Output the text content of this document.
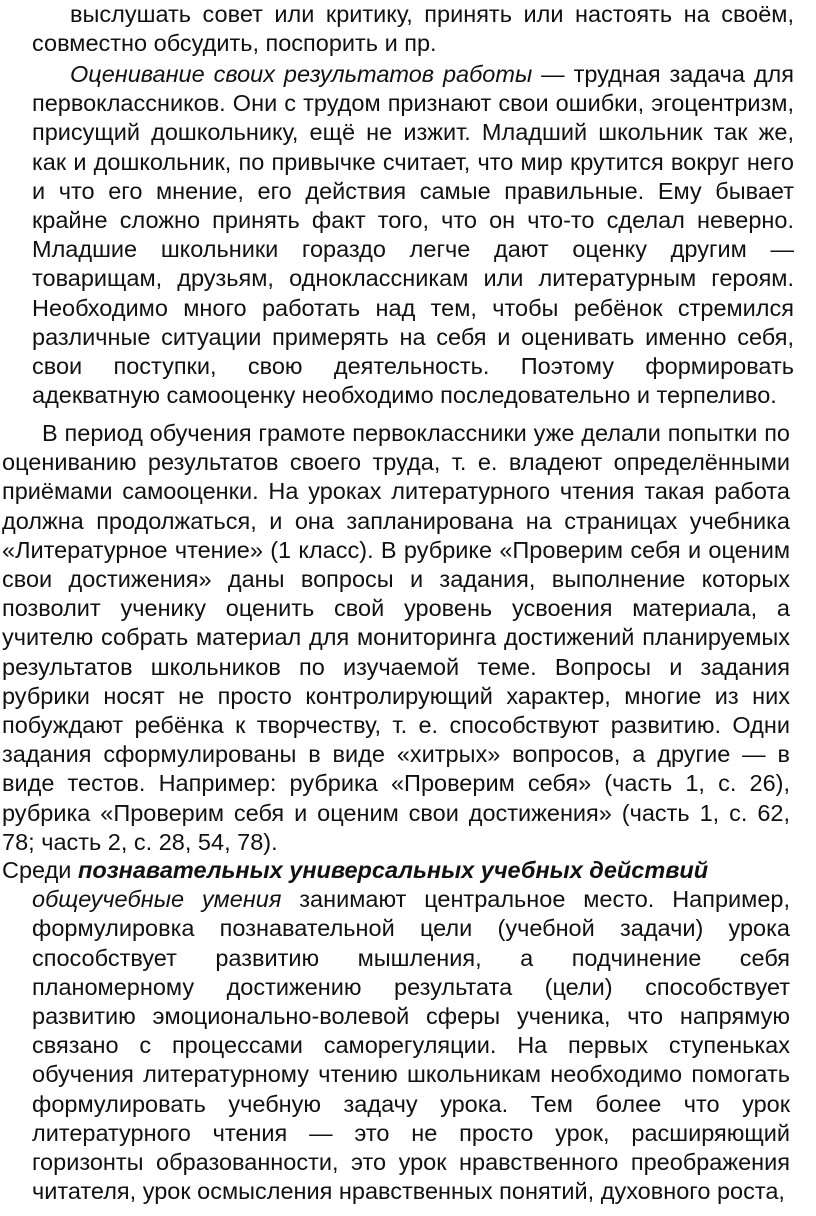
выслушать совет или критику, принять или настоять на своём, совместно обсудить, поспорить и пр.

Оценивание своих результатов работы — трудная задача для первоклассников. Они с трудом признают свои ошибки, эгоцентризм, присущий дошкольнику, ещё не изжит. Младший школьник так же, как и дошкольник, по привычке считает, что мир крутится вокруг него и что его мнение, его действия самые правильные. Ему бывает крайне сложно принять факт того, что он что-то сделал неверно. Младшие школьники гораздо легче дают оценку другим — товарищам, друзьям, одноклассникам или литературным героям. Необходимо много работать над тем, чтобы ребёнок стремился различные ситуации примерять на себя и оценивать именно себя, свои поступки, свою деятельность. Поэтому формировать адекватную самооценку необходимо последовательно и терпеливо.

В период обучения грамоте первоклассники уже делали попытки по оцениванию результатов своего труда, т. е. владеют определёнными приёмами самооценки. На уроках литературного чтения такая работа должна продолжаться, и она запланирована на страницах учебника «Литературное чтение» (1 класс). В рубрике «Проверим себя и оценим свои достижения» даны вопросы и задания, выполнение которых позволит ученику оценить свой уровень усвоения материала, а учителю собрать материал для мониторинга достижений планируемых результатов школьников по изучаемой теме. Вопросы и задания рубрики носят не просто контролирующий характер, многие из них побуждают ребёнка к творчеству, т. е. способствуют развитию. Одни задания сформулированы в виде «хитрых» вопросов, а другие — в виде тестов. Например: рубрика «Проверим себя» (часть 1, с. 26), рубрика «Проверим себя и оценим свои достижения» (часть 1, с. 62, 78; часть 2, с. 28, 54, 78).

Среди познавательных универсальных учебных действий
общеучебные умения занимают центральное место. Например, формулировка познавательной цели (учебной задачи) урока способствует развитию мышления, а подчинение себя планомерному достижению результата (цели) способствует развитию эмоционально-волевой сферы ученика, что напрямую связано с процессами саморегуляции. На первых ступеньках обучения литературному чтению школьникам необходимо помогать формулировать учебную задачу урока. Тем более что урок литературного чтения — это не просто урок, расширяющий горизонты образованности, это урок нравственного преображения читателя, урок осмысления нравственных понятий, духовного роста,
